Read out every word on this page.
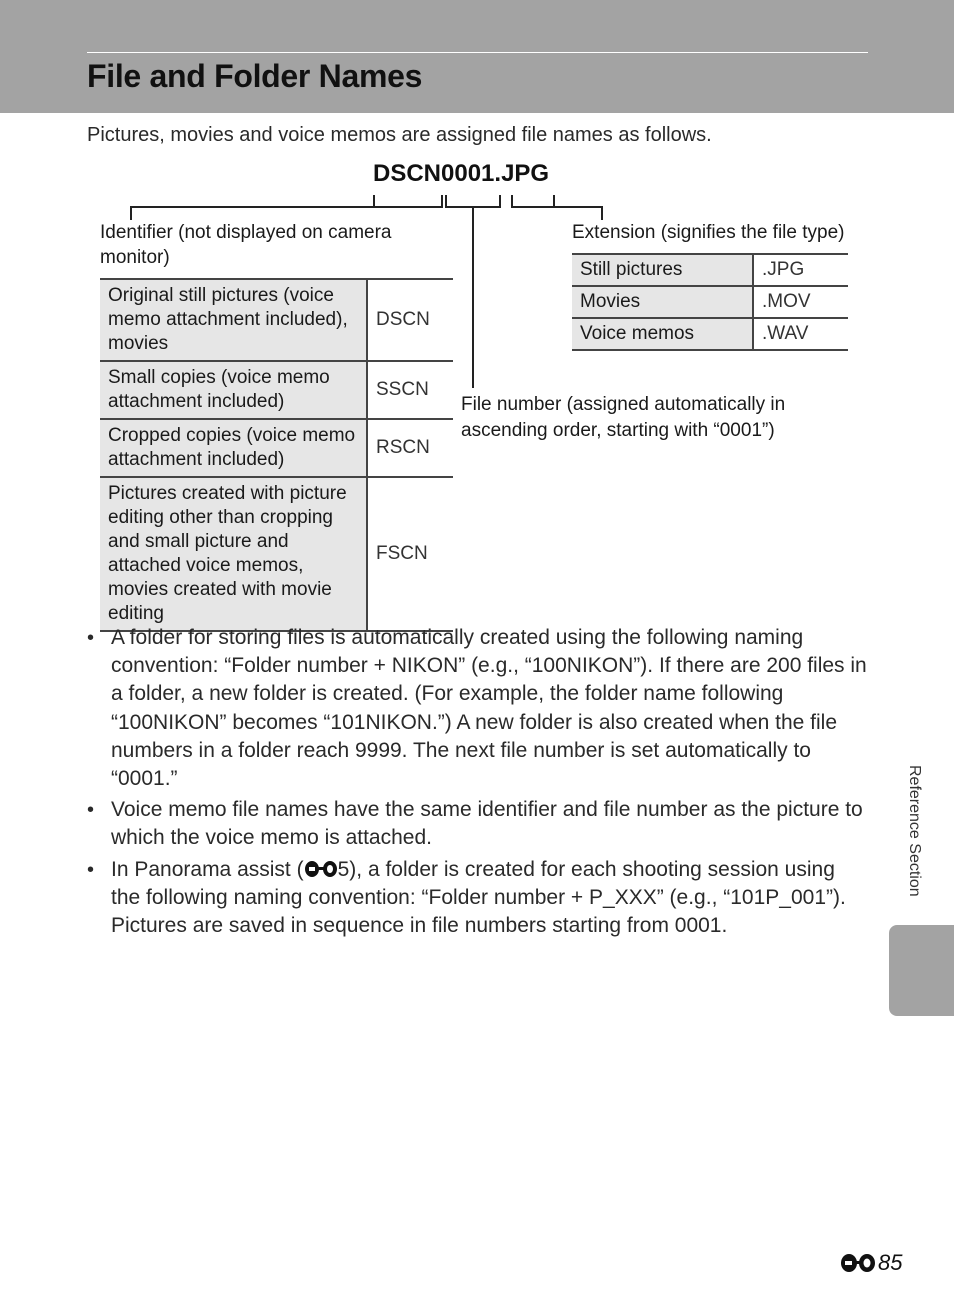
File and Folder Names
Pictures, movies and voice memos are assigned file names as follows.
DSCN0001.JPG
Identifier (not displayed on camera monitor)
Extension (signifies the file type)
File number (assigned automatically in ascending order, starting with “0001”)
Original still pictures (voice memo attachment included), movies	DSCN
Small copies (voice memo attachment included)	SSCN
Cropped copies (voice memo attachment included)	RSCN
Pictures created with picture editing other than cropping and small picture and attached voice memos, movies created with movie editing	FSCN
Still pictures	.JPG
Movies	.MOV
Voice memos	.WAV
• A folder for storing files is automatically created using the following naming convention: “Folder number + NIKON” (e.g., “100NIKON”). If there are 200 files in a folder, a new folder is created. (For example, the folder name following “100NIKON” becomes “101NIKON.”) A new folder is also created when the file numbers in a folder reach 9999. The next file number is set automatically to “0001.”
• Voice memo file names have the same identifier and file number as the picture to which the voice memo is attached.
• In Panorama assist ( 5), a folder is created for each shooting session using the following naming convention: “Folder number + P_XXX” (e.g., “101P_001”). Pictures are saved in sequence in file numbers starting from 0001.
Reference Section
85
